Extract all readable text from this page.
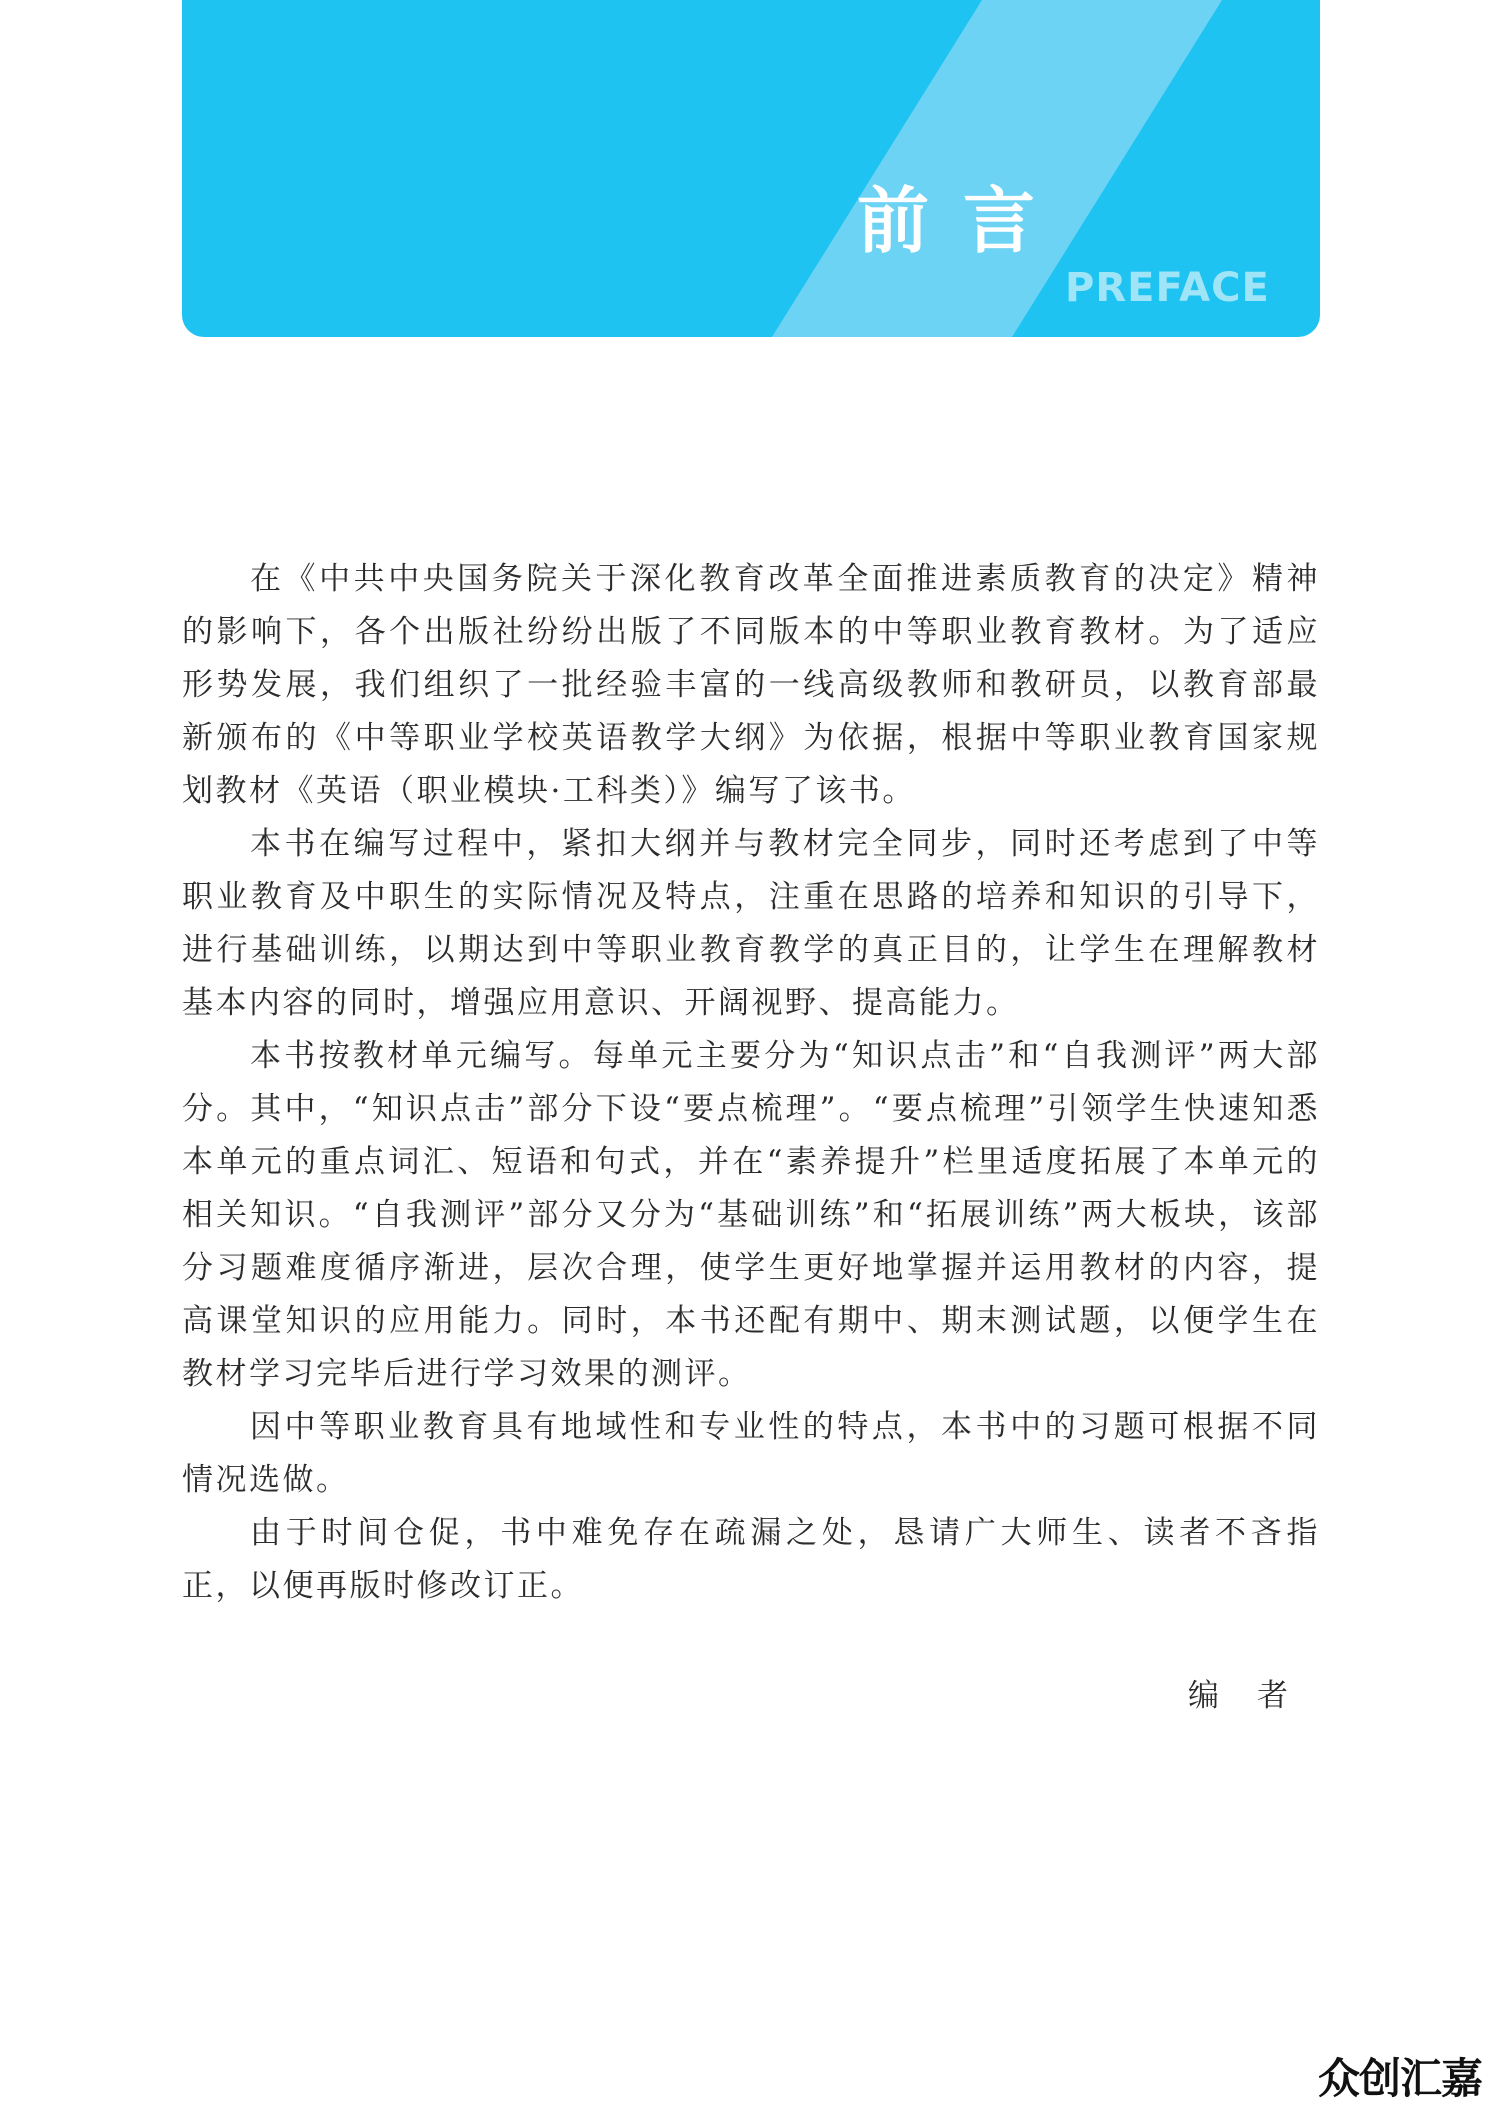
前言
PREFACE

在《中共中央国务院关于深化教育改革全面推进素质教育的决定》精神的影响下，各个出版社纷纷出版了不同版本的中等职业教育教材。为了适应形势发展，我们组织了一批经验丰富的一线高级教师和教研员，以教育部最新颁布的《中等职业学校英语教学大纲》为依据，根据中等职业教育国家规划教材《英语（职业模块·工科类）》编写了该书。

本书在编写过程中，紧扣大纲并与教材完全同步，同时还考虑到了中等职业教育及中职生的实际情况及特点，注重在思路的培养和知识的引导下，进行基础训练，以期达到中等职业教育教学的真正目的，让学生在理解教材基本内容的同时，增强应用意识、开阔视野、提高能力。

本书按教材单元编写。每单元主要分为“知识点击”和“自我测评”两大部分。其中，“知识点击”部分下设“要点梳理”。“要点梳理”引领学生快速知悉本单元的重点词汇、短语和句式，并在“素养提升”栏里适度拓展了本单元的相关知识。“自我测评”部分又分为“基础训练”和“拓展训练”两大板块，该部分习题难度循序渐进，层次合理，使学生更好地掌握并运用教材的内容，提高课堂知识的应用能力。同时，本书还配有期中、期末测试题，以便学生在教材学习完毕后进行学习效果的测评。

因中等职业教育具有地域性和专业性的特点，本书中的习题可根据不同情况选做。

由于时间仓促，书中难免存在疏漏之处，恳请广大师生、读者不吝指正，以便再版时修改订正。

编者
众创汇嘉
